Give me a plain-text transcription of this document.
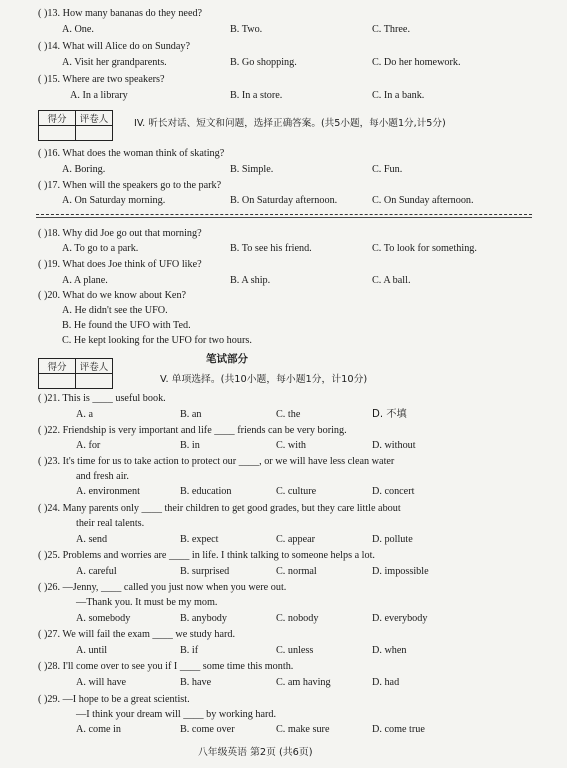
( )13. How many bananas do they need?
A. One.	B. Two.	C. Three.
( )14. What will Alice do on Sunday?
A. Visit her grandparents.	B. Go shopping.	C. Do her homework.
( )15. Where are two speakers?
A. In a library	B. In a store.	C. In a bank.
得分	评卷人
		IV. 听长对话、短文和问题，选择正确答案。(共5小题，每小题1分,计5分)
( )16. What does the woman think of skating?
A. Boring.	B. Simple.	C. Fun.
( )17. When will the speakers go to the park?
A. On Saturday morning.	B. On Saturday afternoon.	C. On Sunday afternoon.
( )18. Why did Joe go out that morning?
A. To go to a park.	B. To see his friend.	C. To look for something.
( )19. What does Joe think of UFO like?
A. A plane.	B. A ship.	C. A ball.
( )20. What do we know about Ken?
A. He didn't see the UFO.
B. He found the UFO with Ted.
C. He kept looking for the UFO for two hours.
笔试部分
得分	评卷人

V. 单项选择。(共10小题，每小题1分，计10分)
( )21. This is ____ useful book.
A. a	B. an	C. the	D. 不填
( )22. Friendship is very important and life ____ friends can be very boring.
A. for	B. in	C. with	D. without
( )23. It's time for us to take action to protect our ____, or we will have less clean water
and fresh air.
A. environment	B. education	C. culture	D. concert
( )24. Many parents only ____ their children to get good grades, but they care little about
their real talents.
A. send	B. expect	C. appear	D. pollute
( )25. Problems and worries are ____ in life. I think talking to someone helps a lot.
A. careful	B. surprised	C. normal	D. impossible
( )26. —Jenny, ____ called you just now when you were out.
—Thank you. It must be my mom.
A. somebody	B. anybody	C. nobody	D. everybody
( )27. We will fail the exam ____ we study hard.
A. until	B. if	C. unless	D. when
( )28. I'll come over to see you if I ____ some time this month.
A. will have	B. have	C. am having	D. had
( )29. —I hope to be a great scientist.
—I think your dream will ____ by working hard.
A. come in	B. come over	C. make sure	D. come true
八年级英语 第2页 (共6页)
